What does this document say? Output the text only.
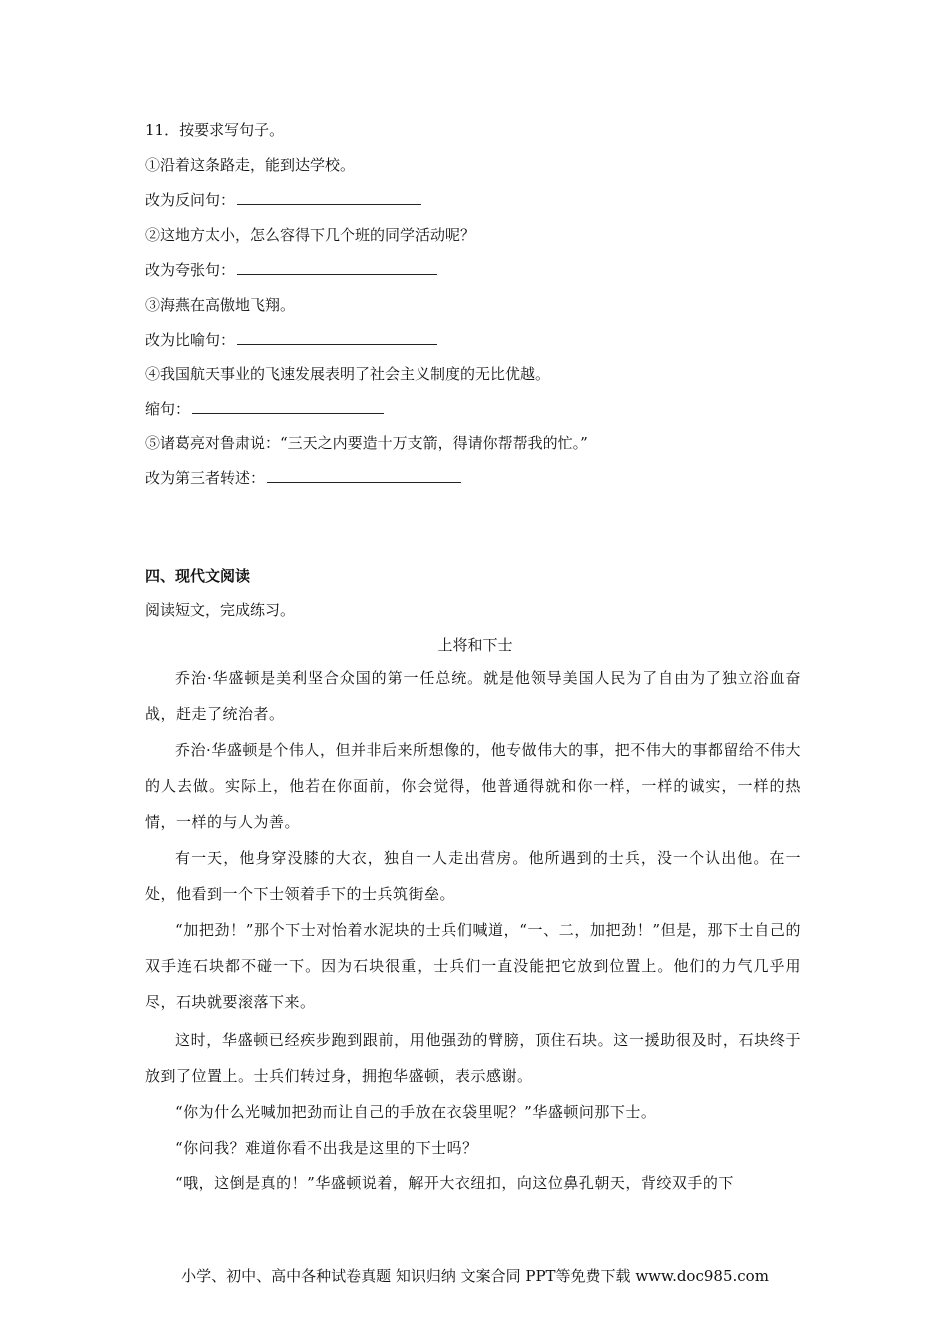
11．按要求写句子。
①沿着这条路走，能到达学校。
改为反问句：
②这地方太小，怎么容得下几个班的同学活动呢？
改为夸张句：
③海燕在高傲地飞翔。
改为比喻句：
④我国航天事业的飞速发展表明了社会主义制度的无比优越。
缩句：
⑤诸葛亮对鲁肃说：“三天之内要造十万支箭，得请你帮帮我的忙。”
改为第三者转述：
四、现代文阅读
阅读短文，完成练习。
上将和下士
乔治·华盛顿是美利坚合众国的第一任总统。就是他领导美国人民为了自由为了独立浴血奋战，赶走了统治者。
乔治·华盛顿是个伟人，但并非后来所想像的，他专做伟大的事，把不伟大的事都留给不伟大的人去做。实际上，他若在你面前，你会觉得，他普通得就和你一样，一样的诚实，一样的热情，一样的与人为善。
有一天，他身穿没膝的大衣，独自一人走出营房。他所遇到的士兵，没一个认出他。在一处，他看到一个下士领着手下的士兵筑街垒。
“加把劲！”那个下士对怡着水泥块的士兵们喊道，“一、二，加把劲！”但是，那下士自己的双手连石块都不碰一下。因为石块很重，士兵们一直没能把它放到位置上。他们的力气几乎用尽，石块就要滚落下来。
这时，华盛顿已经疾步跑到跟前，用他强劲的臂膀，顶住石块。这一援助很及时，石块终于放到了位置上。士兵们转过身，拥抱华盛顿，表示感谢。
“你为什么光喊加把劲而让自己的手放在衣袋里呢？”华盛顿问那下士。
“你问我？难道你看不出我是这里的下士吗？
“哦，这倒是真的！”华盛顿说着，解开大衣纽扣，向这位鼻孔朝天，背绞双手的下
小学、初中、高中各种试卷真题 知识归纳 文案合同 PPT等免费下载 www.doc985.com
